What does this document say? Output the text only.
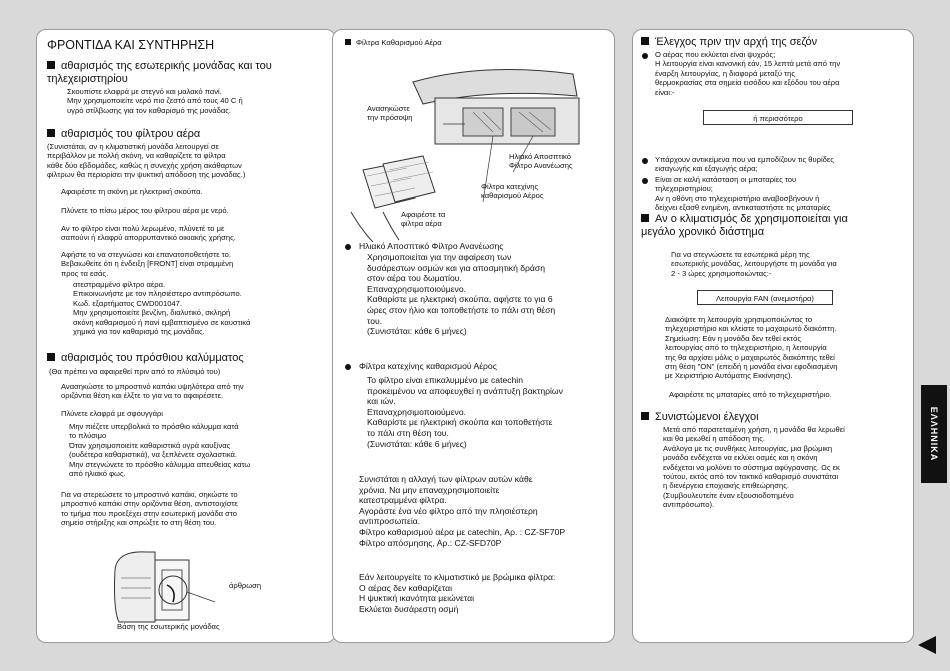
ΦΡΟΝΤΙΔΑ ΚΑΙ ΣΥΝΤΗΡΗΣΗ
αθαρισμός της εσωτερικής μονάδας και του
τηλεχειριστηρίου
Σκουπίστε ελαφρά με στεγνό και μαλακό πανί.
Μην χρησιμοποιείτε νερό πιο ζεστό από τους 40 C ή
υγρό στίλβωσης για τον καθαρισμό της μονάδας.
αθαρισμός του φίλτρου αέρα
(Συνιστάται, αν η κλιματιστική μονάδα λειτουργεί σε
περιβάλλον με πολλή σκόνη, να καθαρίζετε τα φίλτρα
κάθε δύο εβδομάδες, καθώς η συνεχής χρήση ακάθαρτων
φίλτρων θα περιορίσει την ψυκτική απόδοση της μονάδας.)
Αφαιρέστε τη σκόνη με ηλεκτρική σκούπα.
Πλύνετε το πίσω μέρος του φίλτρου αέρα με νερό.
Αν το φίλτρο είναι πολύ λερωμένο, πλύνετέ το με
σαπούνι ή ελαφρύ απορρυπαντικό οικιακής χρήσης.
Αφήστε το να στεγνώσει και επανατοποθετήστε το.
Βεβαιωθείτε ότι η ένδειξη [FRONT] είναι στραμμένη
προς τα εσάς.
ατεστραμμένο φίλτρο αέρα.
Επικοινωνήστε με τον πλησιέστερο αντιπρόσωπο.
Κωδ. εξαρτήματος CWD001047.
Μην χρησιμοποιείτε βενζίνη, διαλυτικό, σκληρή
σκόνη καθαρισμού ή πανί εμβαπτισμένο σε καυστικά
χημικά για τον καθαρισμό της μονάδας.
αθαρισμός του πρόσθιου καλύμματος
(Θα πρέπει να αφαιρεθεί πριν από το πλύσιμό του)
Ανασηκώστε το μπροστινό καπάκι υψηλότερα από την
οριζόντια θέση και έλξτε το για να το αφαιρέσετε.
Πλύνετε ελαφρά με σφουγγάρι
Μην πιέζετε υπερβολικά το πρόσθιο κάλυμμα κατά
το πλύσιμο
Όταν χρησιμοποιείτε καθαριστικά υγρά καυξίνας
(ουδέτερα καθαριστικά), να ξεπλένετε σχολαστικά.
Μην στεγνώνετε το πρόσθιο κάλυμμα απευθείας κατω
από ηλιακό φως.
Για να στερεώσετε το μπροστινό καπάκι, σηκώστε το
μπροστινό καπάκι στην οριζόντια θέση, αντιστοιχίστε
το τμήμα που προεξέχει στην εσωτερική μονάδα στο
σημείο στήριξης και σπρώξτε το στη θέση του.
άρθρωση
Βάση της εσωτερικής μονάδας
Φίλτρα Καθαρισμού Αέρα
Ανασηκώστε
την πρόσοψη
Ηλιακό Αποσπτικό
Φίλτρο Ανανέωσης
Φίλτρα κατεχίνης
καθαρισμού Αέρος
Αφαιρέστε τα
φίλτρα αέρα
Ηλιακό Αποσπτικό Φίλτρο Ανανέωσης
Χρησιμοποιείται για την αφαίρεση των
δυσάρεστων οσμών και για αποσμητική δράση
στον αέρα του δωματίου.
Επαναχρησιμοποιούμενο.
Καθαρίστε με ηλεκτρική σκούπα, αφήστε το για 6
ώρες στον ήλιο και τοποθετήστε το πάλι στη θέση
του.
(Συνιστάται: κάθε 6 μήνες)
Φίλτρα κατεχίνης καθαρισμού Αέρος
Το φίλτρο είναι επικαλυμμένο με catechin
προκειμένου να αποφευχθεί η ανάπτυξη βακτηρίων
και ιών.
Επαναχρησιμοποιούμενο.
Καθαρίστε με ηλεκτρική σκούπα και τοποθετήστε
το πάλι στη θέση του.
(Συνιστάται: κάθε 6 μήνες)
Συνιστάται η αλλαγή των φίλτρων αυτών κάθε
χρόνια. Να μην επαναχρησιμοποιείτε
κατεστραμμένα φίλτρα.
Αγοράστε ένα νέο φίλτρο από την πλησιέστερη
αντιπροσωπεία.
Φίλτρο καθαρισμού αέρα με catechin, Αρ. : CZ-SF70P
Φίλτρο απόσμησης, Αρ.: CZ-SFD70P
Εάν λειτουργείτε το κλιματιστικό με βρώμικα φίλτρα:
Ο αέρας δεν καθαρίζεται
Η ψυκτική ικανότητα μειώνεται
Εκλύεται δυσάρεστη οσμή
Έλεγχος πριν την αρχή της σεζόν
Ο αέρας που εκλύεται είναι ψυχρός;
Η λειτουργία είναι κανονική εάν, 15 λεπτά μετά από την
έναρξη λειτουργίας, η διαφορά μεταξύ της
θερμοκρασίας στα σημεία εισόδου και εξόδου του αέρα
είναι:-
ή περισσότερο
Υπάρχουν αντικείμενα που να εμποδίζουν τις θυρίδες
εισαγωγής και εξαγωγής αέρα;
Είναι σε καλή κατάσταση οι μπαταρίες του
τηλεχειριστηρίου;
Αν η οθόνη στο τηλεχειριστήριο αναβοσβήνουν ή
δείχνει εξασθ ενημένη, αντικαταστήστε τις μπαταρίες
Αν ο κλιματισμός δε χρησιμοποιείται για
μεγάλο χρονικό διάστημα
Για να στεγνώσετε τα εσωτερικά μέρη της
εσωτερικής μονάδας, λειτουργήστε τη μονάδα για
2 - 3 ώρες χρησιμοποιώντας:-
Λειτουργία FAN (ανεμιστήρα)
Διακόψτε τη λειτουργία χρησιμοποιώντας το
τηλεχειριστήριο και κλείστε το μαχαιρωτό διακόπτη.
Σημείωση: Εάν η μονάδα δεν τεθεί εκτός
λειτουργίας από το τηλεχειριστήριο, η λειτουργία
της θα αρχίσει μόλις ο μαχαιρωτός διακόπτης τεθεί
στη θέση "ON" (επειδή η μονάδα είναι εφοδιασμένη
με Χειριστήριο Αυτόματης Εκκίνησης).
Αφαιρέστε τις μπαταρίες από το τηλεχειριστήριο.
Συνιστώμενοι έλεγχοι
Μετά από παρατεταμένη χρήση, η μονάδα θα λερωθεί
και θα μειωθεί η απόδοση της.
Ανάλογα με τις συνθήκες λειτουργίας, μια βρώμικη
μονάδα ενδέχεται να εκλύει οσμές και η σκόνη
ενδέχεται να μολύνει το σύστημα αφύγρανσης. Ως εκ
τούτου, εκτός από τον τακτικό καθαρισμό συνιστάται
η διενέργεια εποχιακής επιθεώρησης.
(Συμβουλευτείτε έναν εξουσιοδοτημένο
αντιπρόσωπο).
ΕΛΛΗΝΙΚΑ
